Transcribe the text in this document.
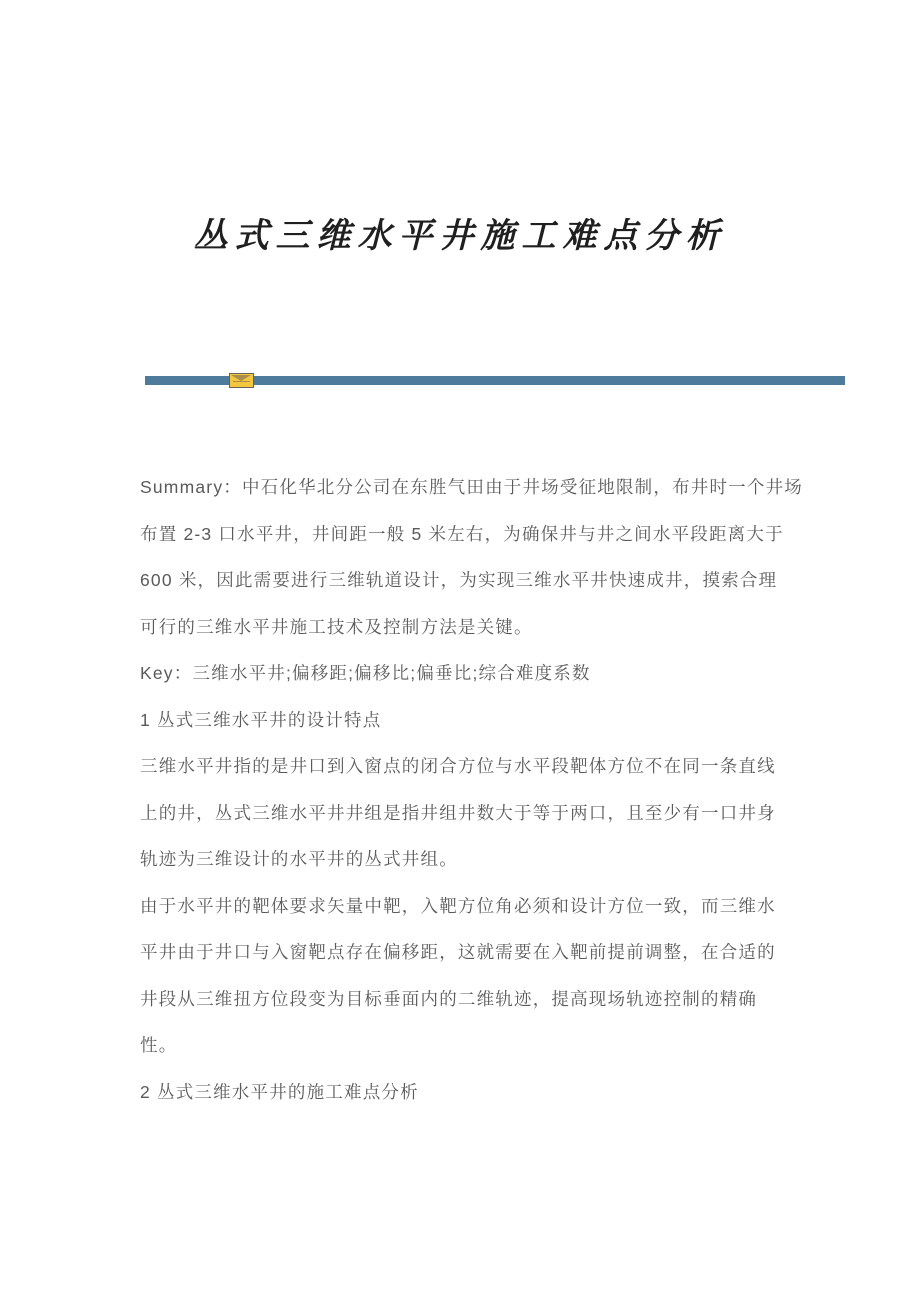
丛式三维水平井施工难点分析
Summary：中石化华北分公司在东胜气田由于井场受征地限制，布井时一个井场
布置 2-3 口水平井，井间距一般 5 米左右，为确保井与井之间水平段距离大于
600 米，因此需要进行三维轨道设计，为实现三维水平井快速成井，摸索合理
可行的三维水平井施工技术及控制方法是关键。
Key：三维水平井;偏移距;偏移比;偏垂比;综合难度系数
1 丛式三维水平井的设计特点
三维水平井指的是井口到入窗点的闭合方位与水平段靶体方位不在同一条直线
上的井，丛式三维水平井井组是指井组井数大于等于两口，且至少有一口井身
轨迹为三维设计的水平井的丛式井组。
由于水平井的靶体要求矢量中靶，入靶方位角必须和设计方位一致，而三维水
平井由于井口与入窗靶点存在偏移距，这就需要在入靶前提前调整，在合适的
井段从三维扭方位段变为目标垂面内的二维轨迹，提高现场轨迹控制的精确
性。
2 丛式三维水平井的施工难点分析
